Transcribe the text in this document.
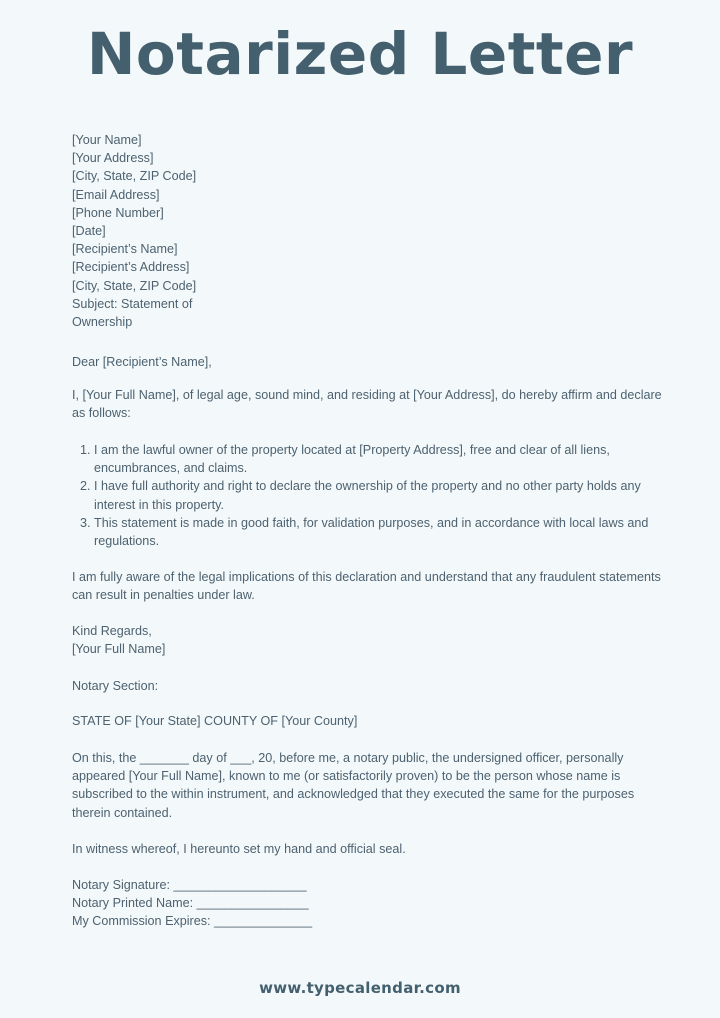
Notarized Letter
[Your Name]
[Your Address]
[City, State, ZIP Code]
[Email Address]
[Phone Number]
[Date]
[Recipient’s Name]
[Recipient’s Address]
[City, State, ZIP Code]
Subject: Statement of
Ownership
Dear [Recipient’s Name],
I, [Your Full Name], of legal age, sound mind, and residing at [Your Address], do hereby affirm and declare as follows:
1. I am the lawful owner of the property located at [Property Address], free and clear of all liens, encumbrances, and claims.
2. I have full authority and right to declare the ownership of the property and no other party holds any interest in this property.
3. This statement is made in good faith, for validation purposes, and in accordance with local laws and regulations.
I am fully aware of the legal implications of this declaration and understand that any fraudulent statements can result in penalties under law.
Kind Regards,
[Your Full Name]
Notary Section:
STATE OF [Your State] COUNTY OF [Your County]
On this, the _______ day of ___, 20, before me, a notary public, the undersigned officer, personally appeared [Your Full Name], known to me (or satisfactorily proven) to be the person whose name is subscribed to the within instrument, and acknowledged that they executed the same for the purposes therein contained.
In witness whereof, I hereunto set my hand and official seal.
Notary Signature: ___________________
Notary Printed Name: ________________
My Commission Expires: ______________
www.typecalendar.com
